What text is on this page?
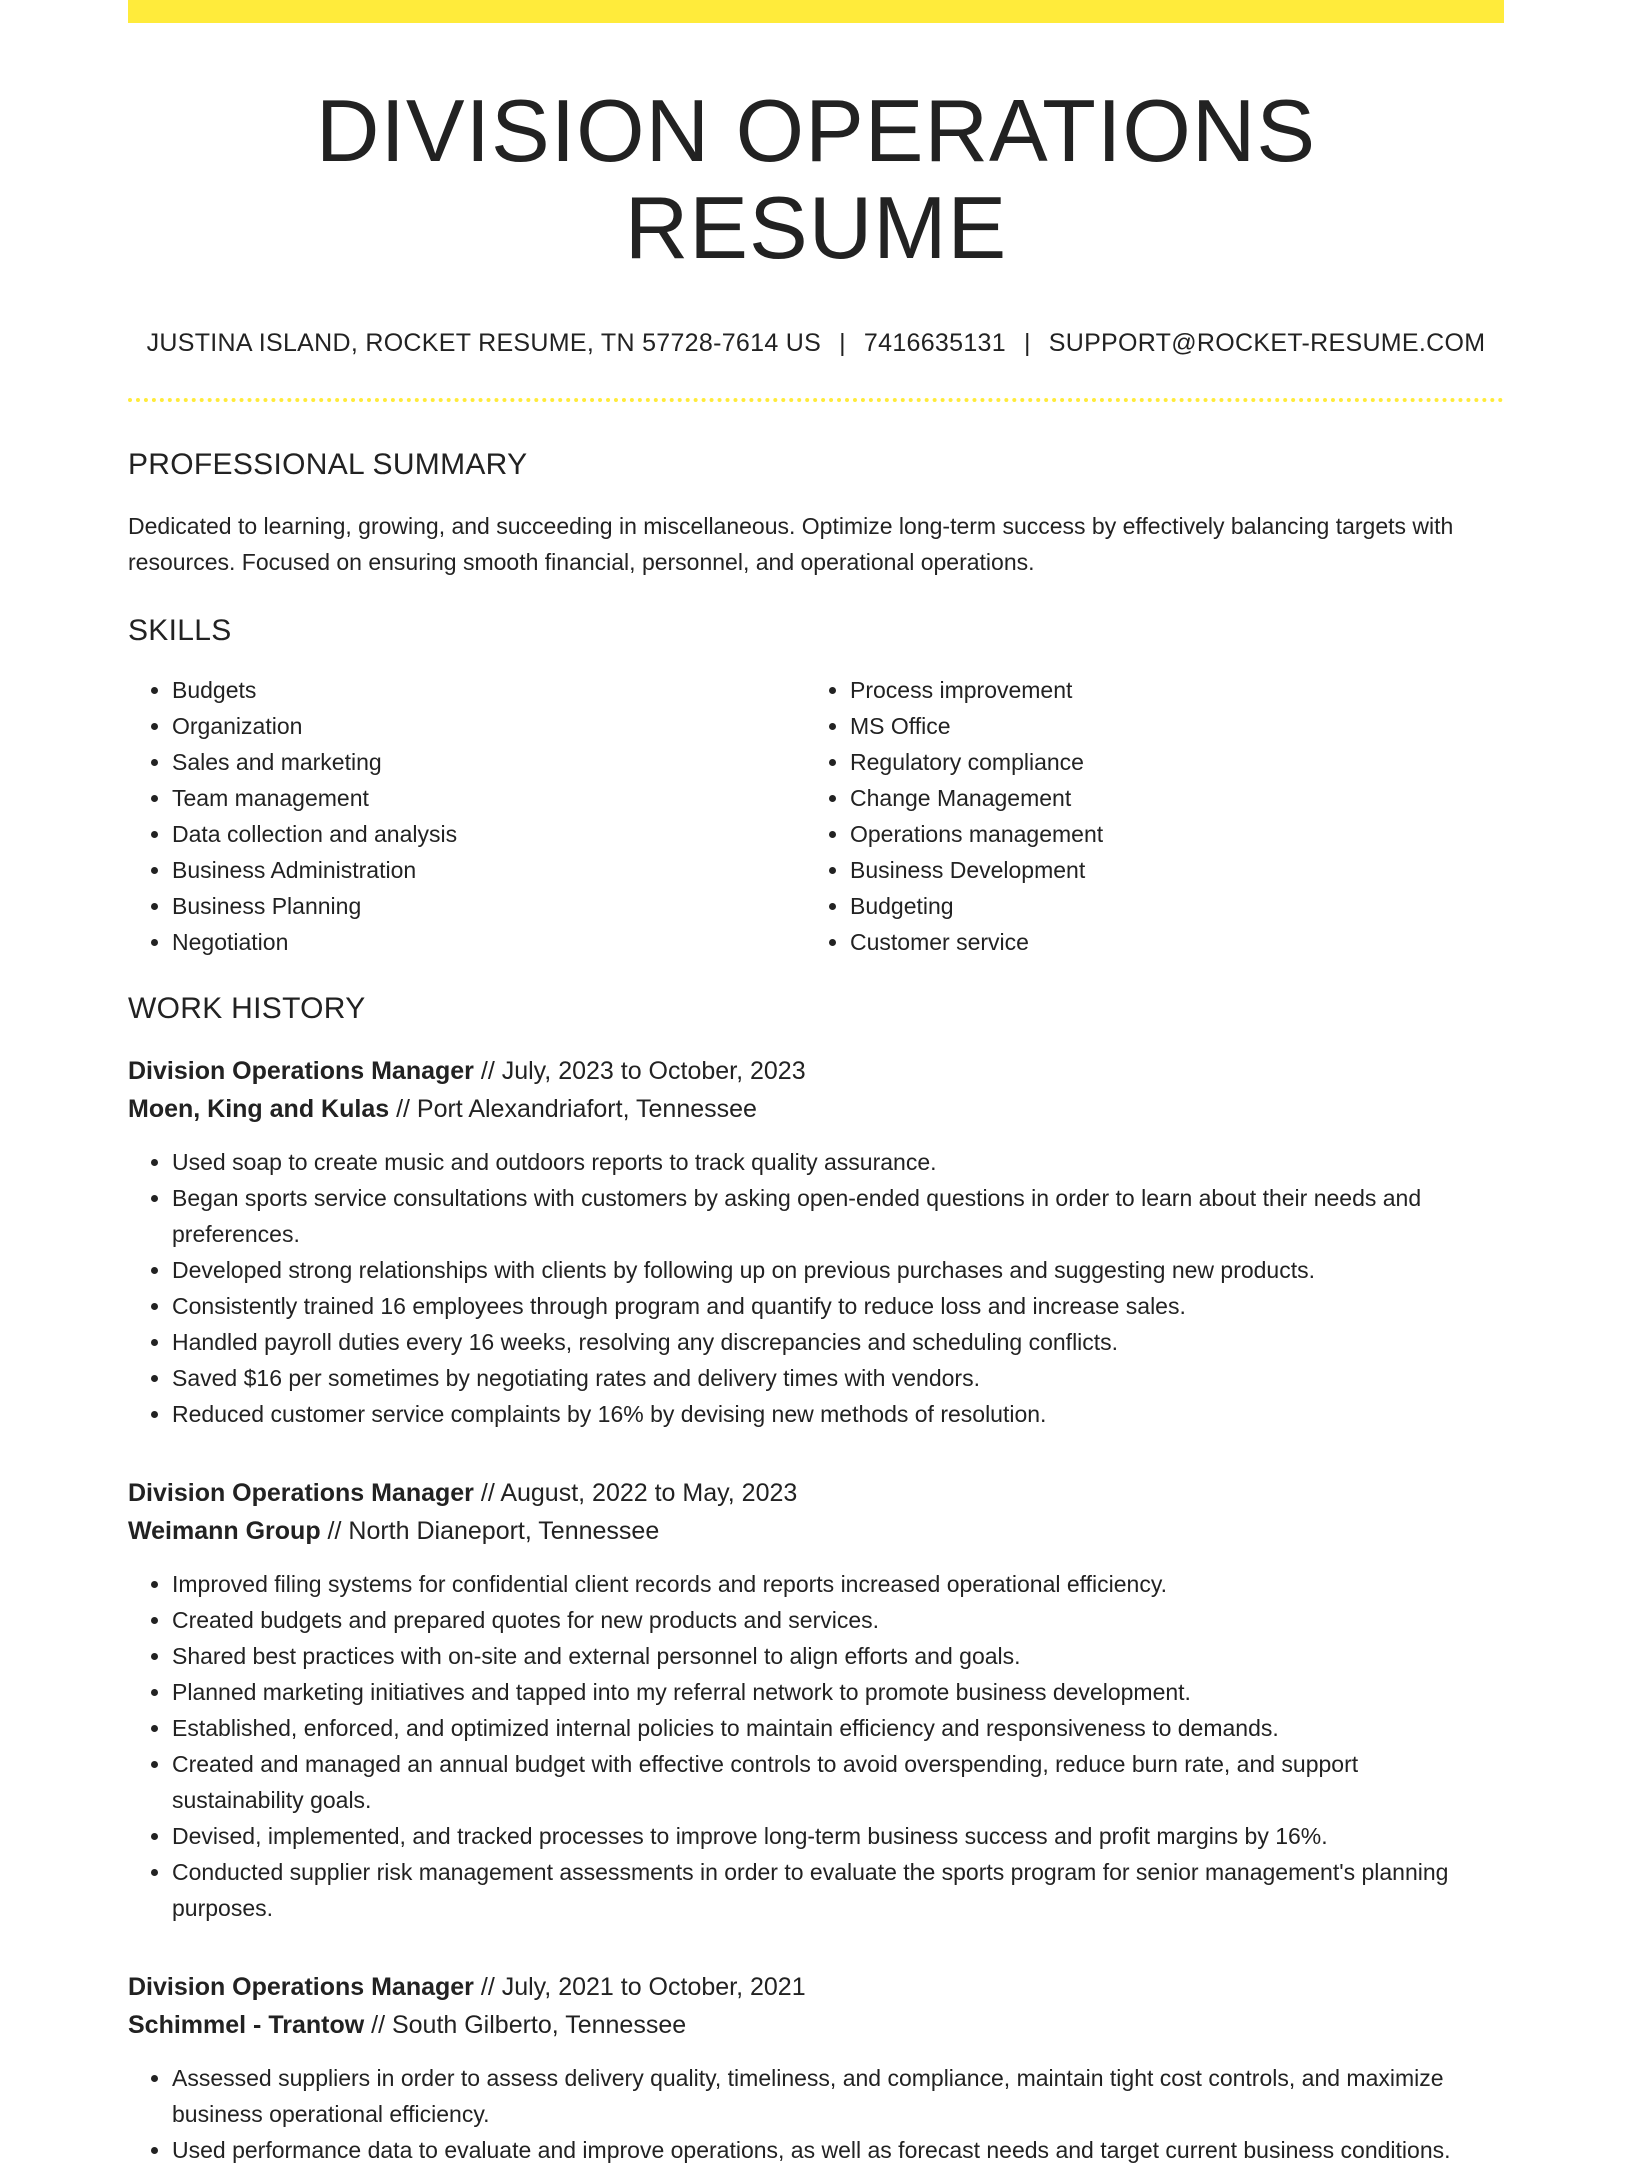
DIVISION OPERATIONS RESUME
JUSTINA ISLAND, ROCKET RESUME, TN 57728-7614 US | 7416635131 | SUPPORT@ROCKET-RESUME.COM
PROFESSIONAL SUMMARY

Dedicated to learning, growing, and succeeding in miscellaneous. Optimize long-term success by effectively balancing targets with resources. Focused on ensuring smooth financial, personnel, and operational operations.

SKILLS
• Budgets
• Organization
• Sales and marketing
• Team management
• Data collection and analysis
• Business Administration
• Business Planning
• Negotiation
• Process improvement
• MS Office
• Regulatory compliance
• Change Management
• Operations management
• Business Development
• Budgeting
• Customer service
WORK HISTORY
Division Operations Manager // July, 2023 to October, 2023
Moen, King and Kulas // Port Alexandriafort, Tennessee
• Used soap to create music and outdoors reports to track quality assurance.
• Began sports service consultations with customers by asking open-ended questions in order to learn about their needs and preferences.
• Developed strong relationships with clients by following up on previous purchases and suggesting new products.
• Consistently trained 16 employees through program and quantify to reduce loss and increase sales.
• Handled payroll duties every 16 weeks, resolving any discrepancies and scheduling conflicts.
• Saved $16 per sometimes by negotiating rates and delivery times with vendors.
• Reduced customer service complaints by 16% by devising new methods of resolution.
Division Operations Manager // August, 2022 to May, 2023
Weimann Group // North Dianeport, Tennessee
• Improved filing systems for confidential client records and reports increased operational efficiency.
• Created budgets and prepared quotes for new products and services.
• Shared best practices with on-site and external personnel to align efforts and goals.
• Planned marketing initiatives and tapped into my referral network to promote business development.
• Established, enforced, and optimized internal policies to maintain efficiency and responsiveness to demands.
• Created and managed an annual budget with effective controls to avoid overspending, reduce burn rate, and support sustainability goals.
• Devised, implemented, and tracked processes to improve long-term business success and profit margins by 16%.
• Conducted supplier risk management assessments in order to evaluate the sports program for senior management's planning purposes.
Division Operations Manager // July, 2021 to October, 2021
Schimmel - Trantow // South Gilberto, Tennessee
• Assessed suppliers in order to assess delivery quality, timeliness, and compliance, maintain tight cost controls, and maximize business operational efficiency.
• Used performance data to evaluate and improve operations, as well as forecast needs and target current business conditions.
